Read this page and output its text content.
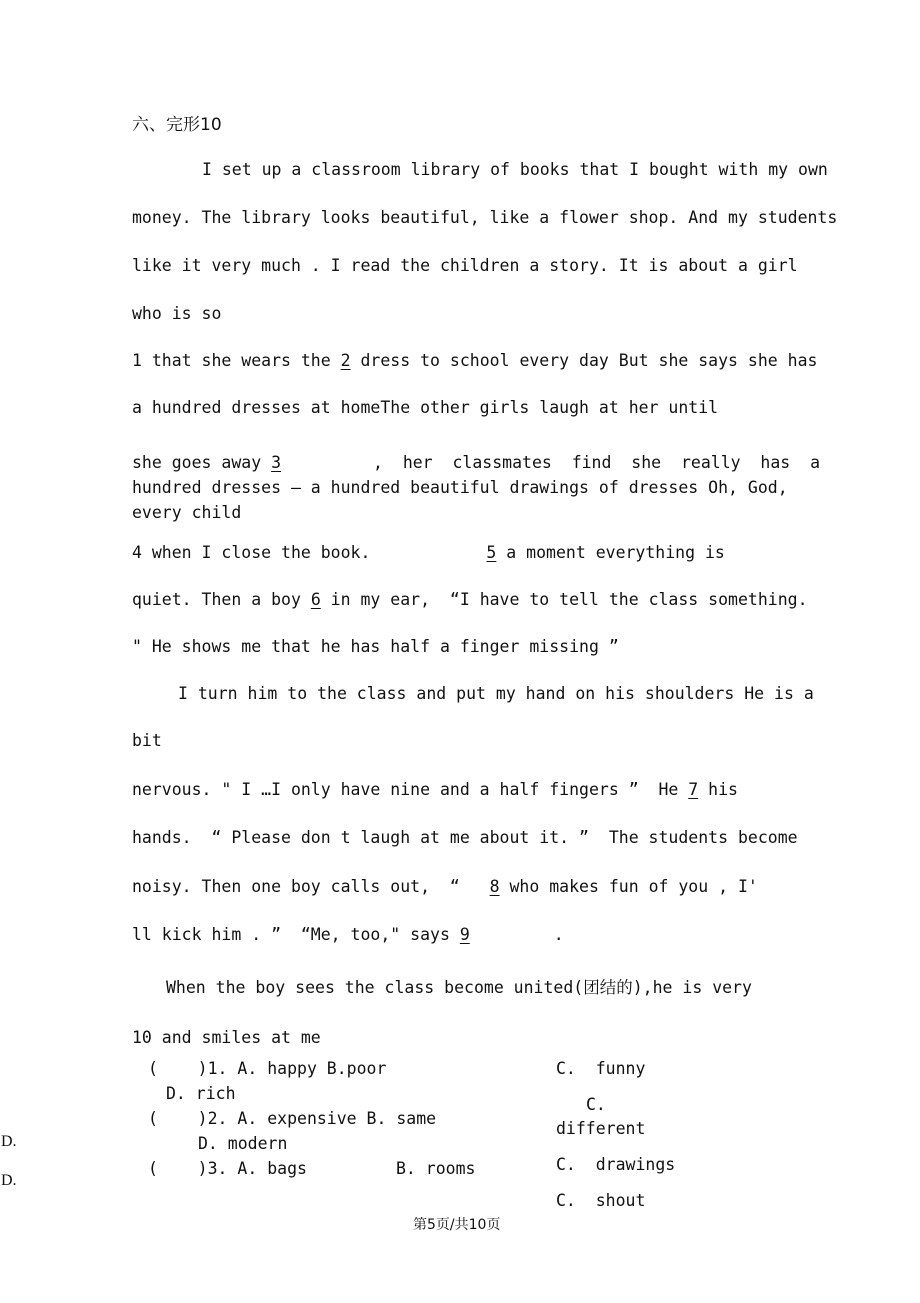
六、完形10
I set up a classroom library of books that I bought with my own
money. The library looks beautiful, like a flower shop. And my students
like it very much . I read the children a story. It is about a girl
who is so
1 that she wears the 2 dress to school every day But she says she has
a hundred dresses at homeThe other girls laugh at her until
she goes away 3	,  her  classmates  find  she  really  has  a
hundred dresses — a hundred beautiful drawings of dresses Oh, God,
every child
4 when I close the book.	5 a moment everything is
quiet. Then a boy 6 in my ear,  “I have to tell the class something.
" He shows me that he has half a finger missing ”
I turn him to the class and put my hand on his shoulders He is a
bit
nervous. " I …I only have nine and a half fingers ”  He 7 his
hands.  “ Please don t laugh at me about it. ”  The students become
noisy. Then one boy calls out,  “   8 who makes fun of you , I'
ll kick him . ”  “Me, too," says 9	.
When the boy sees the class become united(团结的),he is very
10 and smiles at me
(    )1. A. happy B.poor	C.  funny
D. rich
(    )2. A. expensive B. same
C.
different
D. modern
(    )3. A. bags	B. rooms	C.  drawings
C.  shout
D.
D.
第5页/共10页
